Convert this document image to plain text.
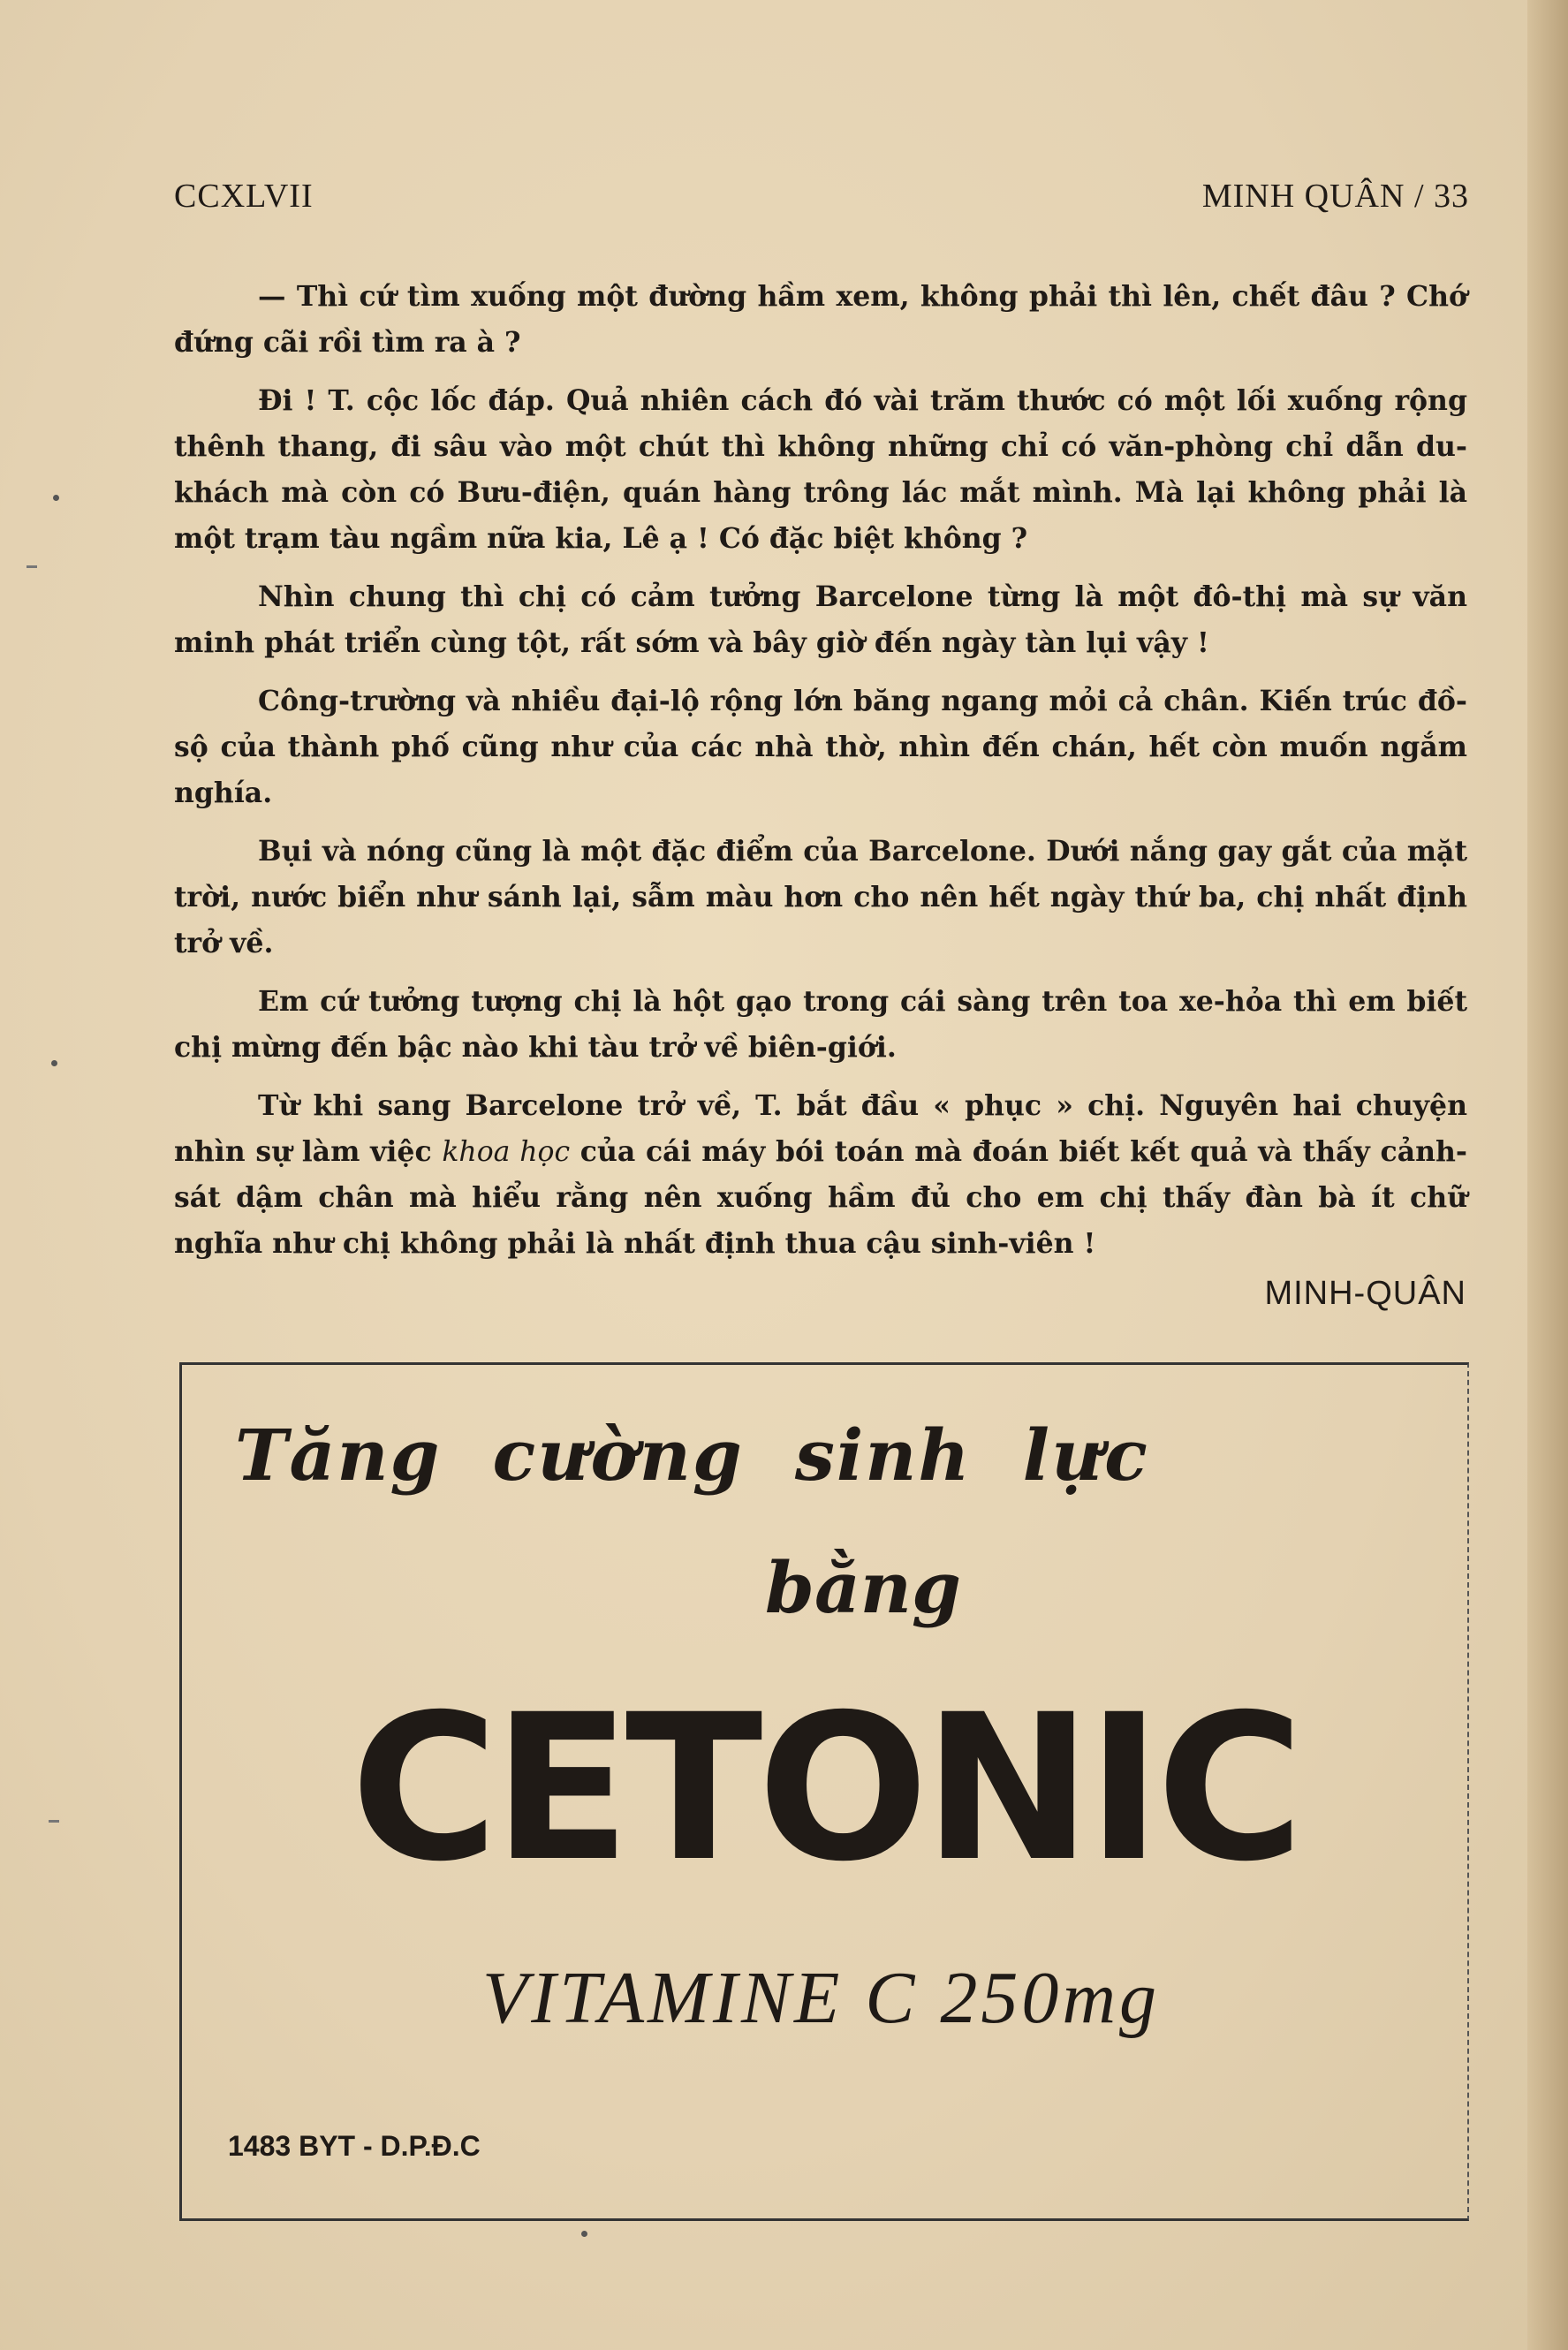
CCXLVII	MINH QUÂN / 33

— Thì cứ tìm xuống một đường hầm xem, không phải thì lên, chết đâu ? Chớ đứng cãi rồi tìm ra à ?

Đi ! T. cộc lốc đáp. Quả nhiên cách đó vài trăm thước có một lối xuống rộng thênh thang, đi sâu vào một chút thì không những chỉ có văn-phòng chỉ dẫn du-khách mà còn có Bưu-điện, quán hàng trông lác mắt mình. Mà lại không phải là một trạm tàu ngầm nữa kia, Lê ạ ! Có đặc biệt không ?

Nhìn chung thì chị có cảm tưởng Barcelone từng là một đô-thị mà sự văn minh phát triển cùng tột, rất sớm và bây giờ đến ngày tàn lụi vậy !

Công-trường và nhiều đại-lộ rộng lớn băng ngang mỏi cả chân. Kiến trúc đồ-sộ của thành phố cũng như của các nhà thờ, nhìn đến chán, hết còn muốn ngắm nghía.

Bụi và nóng cũng là một đặc điểm của Barcelone. Dưới nắng gay gắt của mặt trời, nước biển như sánh lại, sẫm màu hơn cho nên hết ngày thứ ba, chị nhất định trở về.

Em cứ tưởng tượng chị là hột gạo trong cái sàng trên toa xe-hỏa thì em biết chị mừng đến bậc nào khi tàu trở về biên-giới.

Từ khi sang Barcelone trở về, T. bắt đầu « phục » chị. Nguyên hai chuyện nhìn sự làm việc khoa học của cái máy bói toán mà đoán biết kết quả và thấy cảnh-sát dậm chân mà hiểu rằng nên xuống hầm đủ cho em chị thấy đàn bà ít chữ nghĩa như chị không phải là nhất định thua cậu sinh-viên !

MINH-QUÂN
Tăng cường sinh lực
bằng
CETONIC
VITAMINE C 250mg
1483 BYT - D.P.Đ.C
